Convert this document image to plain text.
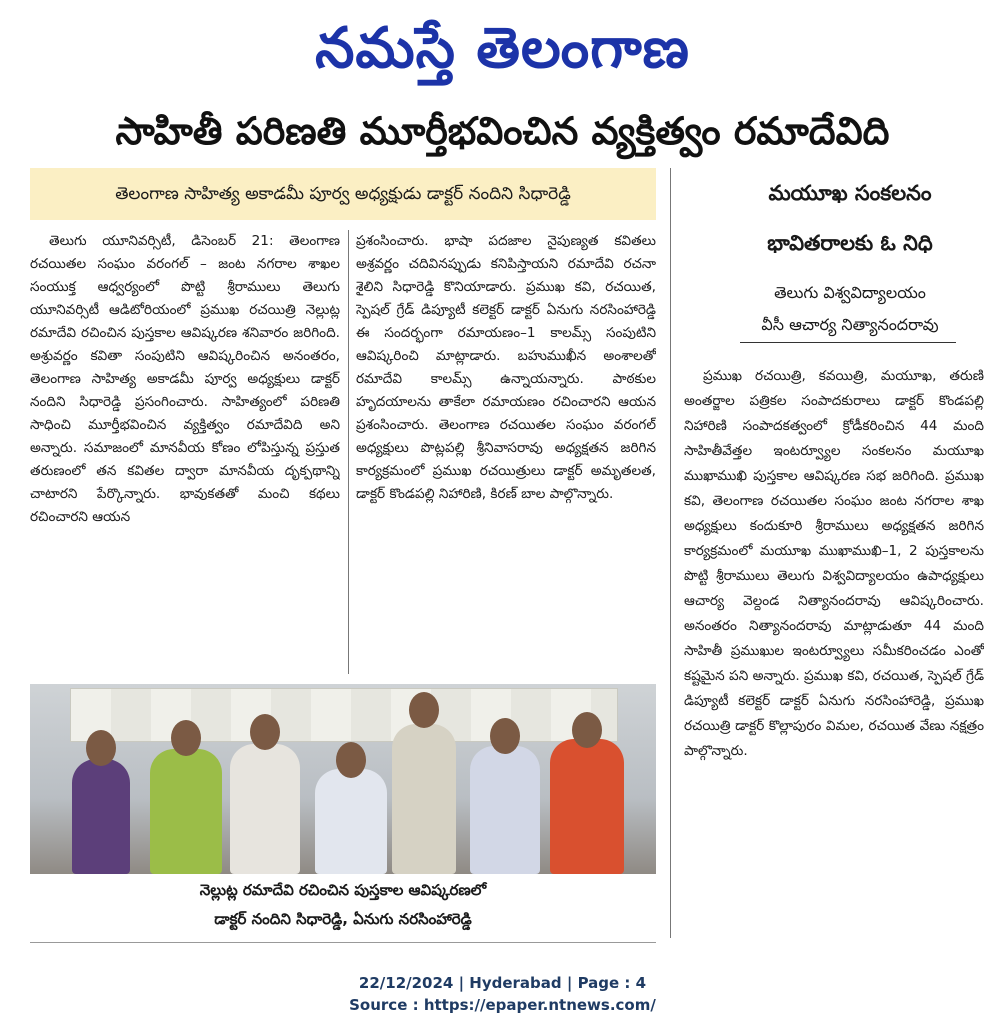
నమస్తే తెలంగాణ
సాహితీ పరిణతి మూర్తీభవించిన వ్యక్తిత్వం రమాదేవిది
తెలంగాణ సాహిత్య అకాడమీ పూర్వ అధ్యక్షుడు డాక్టర్ నందిని సిధారెడ్డి

తెలుగు యూనివర్సిటీ, డిసెంబర్ 21: తెలంగాణ రచయితల సంఘం వరంగల్ – జంట నగరాల శాఖల సంయుక్త ఆధ్వర్యంలో పొట్టి శ్రీరాములు తెలుగు యూనివర్సిటీ ఆడిటోరియంలో ప్రముఖ రచయిత్రి నెల్లుట్ల రమాదేవి రచించిన పుస్తకాల ఆవిష్కరణ శనివారం జరిగింది. అశ్రువర్ణం కవితా సంపుటిని ఆవిష్కరించిన అనంతరం, తెలంగాణ సాహిత్య అకాడమీ పూర్వ అధ్యక్షులు డాక్టర్ నందిని సిధారెడ్డి ప్రసంగించారు. సాహిత్యంలో పరిణతి సాధించి మూర్తీభవించిన వ్యక్తిత్వం రమాదేవిది అని అన్నారు. సమాజంలో మానవీయ కోణం లోపిస్తున్న ప్రస్తుత తరుణంలో తన కవితల ద్వారా మానవీయ దృక్పథాన్ని చాటారని పేర్కొన్నారు. భావుకతతో మంచి కథలు రచించారని ఆయన

ప్రశంసించారు. భాషా పదజాల నైపుణ్యత కవితలు అశ్రవర్ణం చదివినప్పుడు కనిపిస్తాయని రమాదేవి రచనా శైలిని సిధారెడ్డి కొనియాడారు. ప్రముఖ కవి, రచయిత, స్పెషల్ గ్రేడ్ డిప్యూటీ కలెక్టర్ డాక్టర్ ఏనుగు నరసింహారెడ్డి ఈ సందర్భంగా రమాయణం–1 కాలమ్స్ సంపుటిని ఆవిష్కరించి మాట్లాడారు. బహుముఖీన అంశాలతో రమాదేవి కాలమ్స్ ఉన్నాయన్నారు. పాఠకుల హృదయాలను తాకేలా రమాయణం రచించారని ఆయన ప్రశంసించారు. తెలంగాణ రచయితల సంఘం వరంగల్ అధ్యక్షులు పొట్లపల్లి శ్రీనివాసరావు అధ్యక్షతన జరిగిన కార్యక్రమంలో ప్రముఖ రచయిత్రులు డాక్టర్ అమృతలత, డాక్టర్ కొండపల్లి నిహారిణి, కిరణ్ బాల పాల్గొన్నారు.

నెల్లుట్ల రమాదేవి రచించిన పుస్తకాల ఆవిష్కరణలో
డాక్టర్ నందిని సిధారెడ్డి, ఏనుగు నరసింహారెడ్డి
మయూఖ సంకలనం
భావితరాలకు ఓ నిధి
తెలుగు విశ్వవిద్యాలయం
వీసీ ఆచార్య నిత్యానందరావు

ప్రముఖ రచయిత్రి, కవయిత్రి, మయూఖ, తరుణి అంతర్జాల పత్రికల సంపాదకురాలు డాక్టర్ కొండపల్లి నిహారిణి సంపాదకత్వంలో క్రోడీకరించిన 44 మంది సాహితీవేత్తల ఇంటర్వ్యూల సంకలనం మయూఖ ముఖాముఖి పుస్తకాల ఆవిష్కరణ సభ జరిగింది. ప్రముఖ కవి, తెలంగాణ రచయితల సంఘం జంట నగరాల శాఖ అధ్యక్షులు కందుకూరి శ్రీరాములు అధ్యక్షతన జరిగిన కార్యక్రమంలో మయూఖ ముఖాముఖి–1, 2 పుస్తకాలను పొట్టి శ్రీరాములు తెలుగు విశ్వవిద్యాలయం ఉపాధ్యక్షులు ఆచార్య వెల్దండ నిత్యానందరావు ఆవిష్కరించారు. అనంతరం నిత్యానందరావు మాట్లాడుతూ 44 మంది సాహితీ ప్రముఖుల ఇంటర్వ్యూలు సమీకరించడం ఎంతో కష్టమైన పని అన్నారు. ప్రముఖ కవి, రచయిత, స్పెషల్ గ్రేడ్ డిప్యూటీ కలెక్టర్ డాక్టర్ ఏనుగు నరసింహారెడ్డి, ప్రముఖ రచయిత్రి డాక్టర్ కొల్లాపురం విమల, రచయిత వేణు నక్షత్రం పాల్గొన్నారు.

22/12/2024 | Hyderabad | Page : 4
Source : https://epaper.ntnews.com/
